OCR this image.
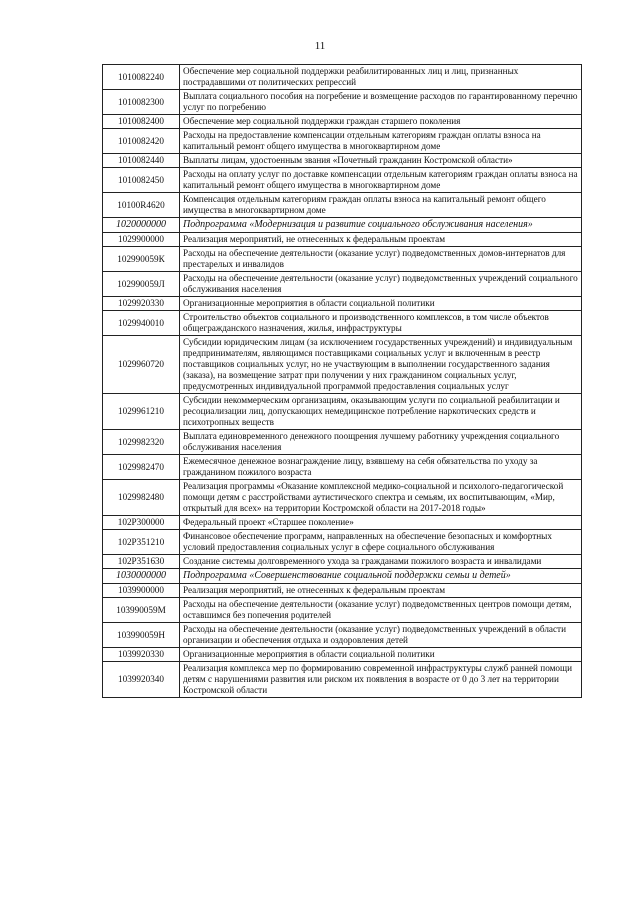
11
1010082240	Обеспечение мер социальной поддержки реабилитированных лиц и лиц, признанных пострадавшими от политических репрессий
1010082300	Выплата социального пособия на погребение и возмещение расходов по гарантированному перечню услуг по погребению
1010082400	Обеспечение мер социальной поддержки граждан старшего поколения
1010082420	Расходы на предоставление компенсации отдельным категориям граждан оплаты взноса на капитальный ремонт общего имущества в многоквартирном доме
1010082440	Выплаты лицам, удостоенным звания «Почетный гражданин Костромской области»
1010082450	Расходы на оплату услуг по доставке компенсации отдельным категориям граждан оплаты взноса на капитальный ремонт общего имущества в многоквартирном доме
10100R4620	Компенсация отдельным категориям граждан оплаты взноса на капитальный ремонт общего имущества в многоквартирном доме
1020000000	Подпрограмма «Модернизация и развитие социального обслуживания населения»
1029900000	Реализация мероприятий, не отнесенных к федеральным проектам
102990059К	Расходы на обеспечение деятельности (оказание услуг) подведомственных домов-интернатов для престарелых и инвалидов
102990059Л	Расходы на обеспечение деятельности (оказание услуг) подведомственных учреждений социального обслуживания населения
1029920330	Организационные мероприятия в области социальной политики
1029940010	Строительство объектов социального и производственного комплексов, в том числе объектов общегражданского назначения, жилья, инфраструктуры
1029960720	Субсидии юридическим лицам (за исключением государственных учреждений) и индивидуальным предпринимателям, являющимся поставщиками социальных услуг и включенным в реестр поставщиков социальных услуг, но не участвующим в выполнении государственного задания (заказа), на возмещение затрат при получении у них гражданином социальных услуг, предусмотренных индивидуальной программой предоставления социальных услуг
1029961210	Субсидии некоммерческим организациям, оказывающим услуги по социальной реабилитации и ресоциализации лиц, допускающих немедицинское потребление наркотических средств и психотропных веществ
1029982320	Выплата единовременного денежного поощрения лучшему работнику учреждения социального обслуживания населения
1029982470	Ежемесячное денежное вознаграждение лицу, взявшему на себя обязательства по уходу за гражданином пожилого возраста
1029982480	Реализация программы «Оказание комплексной медико-социальной и психолого-педагогической помощи детям с расстройствами аутистического спектра и семьям, их воспитывающим, «Мир, открытый для всех» на территории Костромской области на 2017-2018 годы»
102P300000	Федеральный проект «Старшее поколение»
102P351210	Финансовое обеспечение программ, направленных на обеспечение безопасных и комфортных условий предоставления социальных услуг в сфере социального обслуживания
102P351630	Создание системы долговременного ухода за гражданами пожилого возраста и инвалидами
1030000000	Подпрограмма «Совершенствование социальной поддержки семьи и детей»
1039900000	Реализация мероприятий, не отнесенных к федеральным проектам
103990059М	Расходы на обеспечение деятельности (оказание услуг) подведомственных центров помощи детям, оставшимся без попечения родителей
103990059Н	Расходы на обеспечение деятельности (оказание услуг) подведомственных учреждений в области организации и обеспечения отдыха и оздоровления детей
1039920330	Организационные мероприятия в области социальной политики
1039920340	Реализация комплекса мер по формированию современной инфраструктуры служб ранней помощи детям с нарушениями развития или риском их появления в возрасте от 0 до 3 лет на территории Костромской области
